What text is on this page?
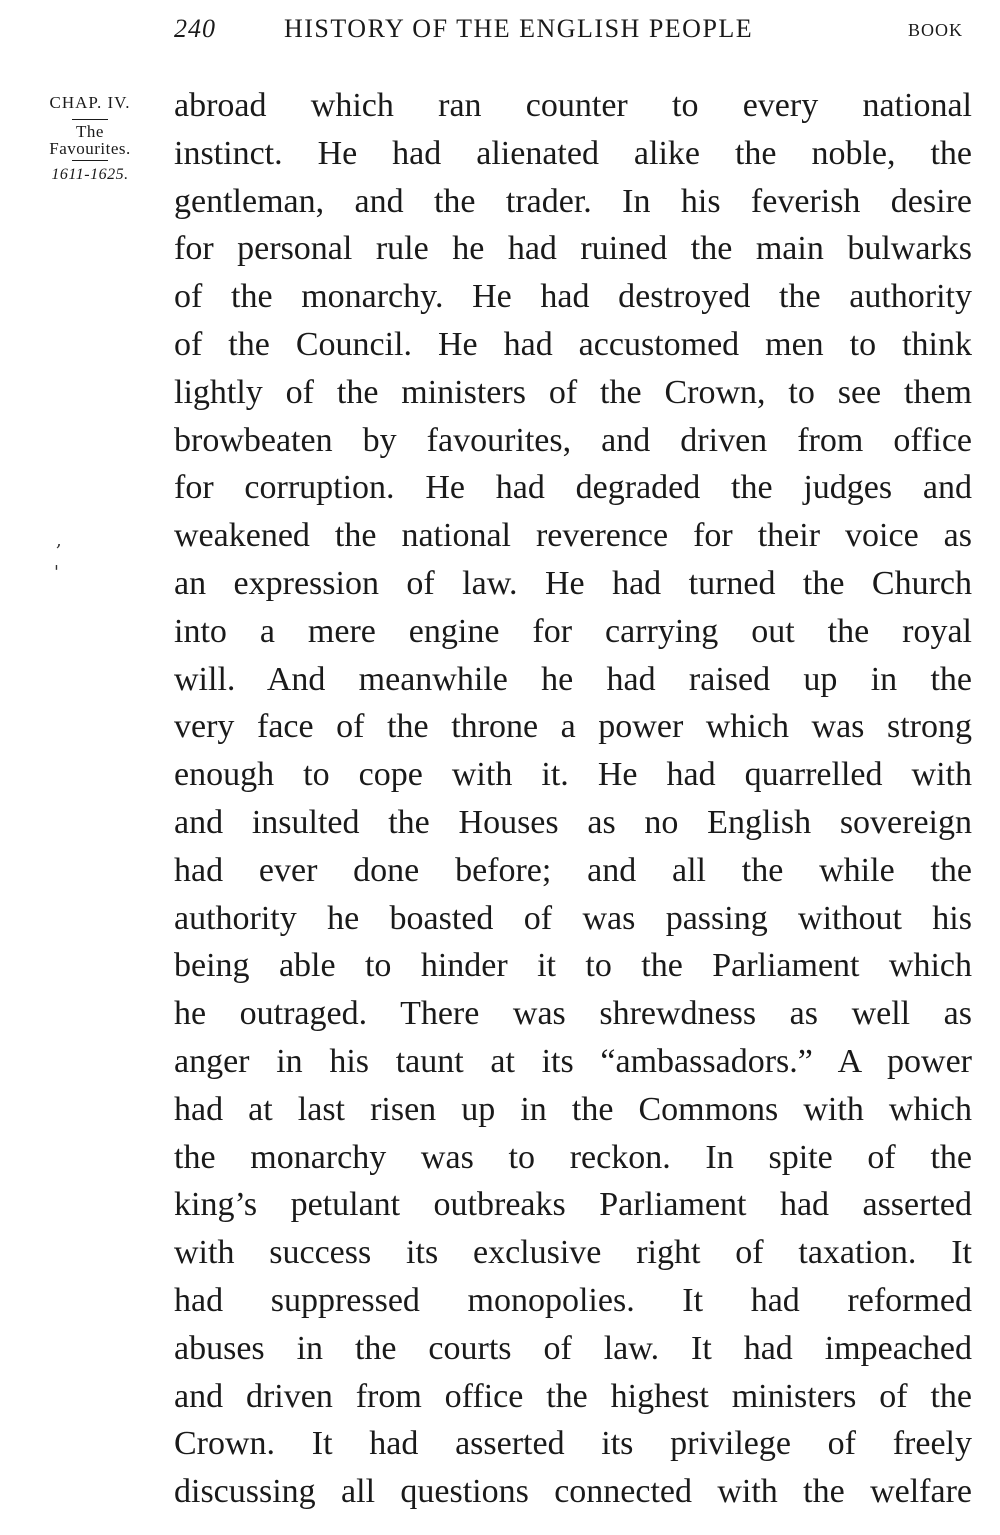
240	HISTORY OF THE ENGLISH PEOPLE	BOOK
CHAP. IV.
The
Favourites.
1611-1625.
,
'
abroad which ran counter to every national
instinct. He had alienated alike the noble, the
gentleman, and the trader. In his feverish desire
for personal rule he had ruined the main bulwarks
of the monarchy. He had destroyed the authority
of the Council. He had accustomed men to think
lightly of the ministers of the Crown, to see them
browbeaten by favourites, and driven from office
for corruption. He had degraded the judges and
weakened the national reverence for their voice as
an expression of law. He had turned the Church
into a mere engine for carrying out the royal
will. And meanwhile he had raised up in the
very face of the throne a power which was strong
enough to cope with it. He had quarrelled with
and insulted the Houses as no English sovereign
had ever done before; and all the while the
authority he boasted of was passing without his
being able to hinder it to the Parliament which
he outraged. There was shrewdness as well as
anger in his taunt at its “ambassadors.” A power
had at last risen up in the Commons with which
the monarchy was to reckon. In spite of the
king’s petulant outbreaks Parliament had asserted
with success its exclusive right of taxation. It
had suppressed monopolies. It had reformed
abuses in the courts of law. It had impeached
and driven from office the highest ministers of the
Crown. It had asserted its privilege of freely
discussing all questions connected with the welfare
